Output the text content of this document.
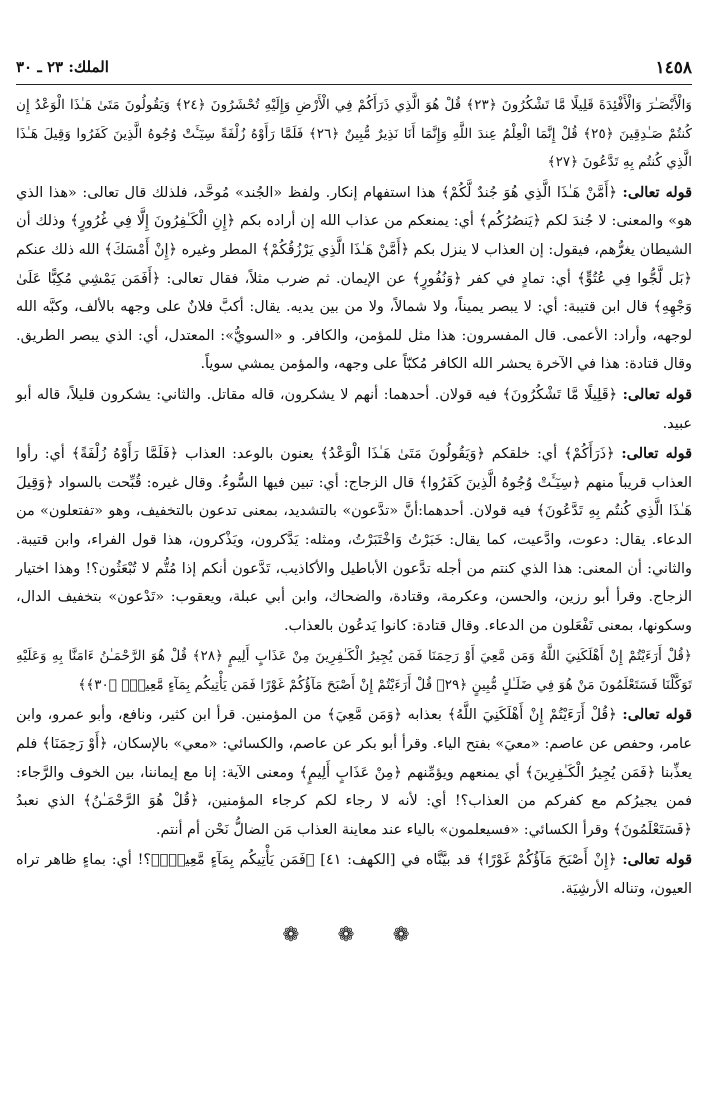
١٤٥٨
الملك: ٢٣ ـ ٣٠

وَالْأَبْصَـٰرَ وَالْأَفْئِدَةَ قَلِيلًا مَّا تَشْكُرُونَ ﴿٢٣﴾ قُلْ هُوَ الَّذِي ذَرَأَكُمْ فِي الْأَرْضِ وَإِلَيْهِ تُحْشَرُونَ ﴿٢٤﴾ وَيَقُولُونَ مَتَىٰ هَـٰذَا الْوَعْدُ إِن كُنتُمْ صَـٰدِقِينَ ﴿٢٥﴾ قُلْ إِنَّمَا الْعِلْمُ عِندَ اللَّهِ وَإِنَّمَا أَنَا نَذِيرٌ مُّبِينٌ ﴿٢٦﴾ فَلَمَّا رَأَوْهُ زُلْفَةً سِيٓـَٔتْ وُجُوهُ الَّذِينَ كَفَرُوا وَقِيلَ هَـٰذَا الَّذِي كُنتُم بِهِ تَدَّعُونَ ﴿٢٧﴾

قوله تعالى: ﴿أَمَّنْ هَـٰذَا الَّذِي هُوَ جُندٌ لَّكُمْ﴾ هذا استفهام إنكار. ولفظ «الجُند» مُوحَّد، فلذلك قال تعالى: «هذا الذي هو» والمعنى: لا جُندَ لكم ﴿يَنصُرُكُم﴾ أي: يمنعكم من عذاب الله إن أراده بكم ﴿إِنِ الْكَـٰفِرُونَ إِلَّا فِي غُرُورٍ﴾ وذلك أن الشيطان يغرُّهم، فيقول: إن العذاب لا ينزل بكم ﴿أَمَّنْ هَـٰذَا الَّذِي يَرْزُقُكُمْ﴾ المطر وغيره ﴿إِنْ أَمْسَكَ﴾ الله ذلك عنكم ﴿بَل لَّجُّوا فِي عُتُوٍّ﴾ أي: تمادٍ في كفر ﴿وَنُفُورٍ﴾ عن الإيمان. ثم ضرب مثلاً، فقال تعالى: ﴿أَفَمَن يَمْشِي مُكِبًّا عَلَىٰ وَجْهِهِ﴾ قال ابن قتيبة: أي: لا يبصر يميناً، ولا شمالاً، ولا من بين يديه. يقال: أكبَّ فلانٌ على وجهه بالألف، وكبَّه الله لوجهه، وأراد: الأعمى. قال المفسرون: هذا مثل للمؤمن، والكافر. و «السويُّ»: المعتدل، أي: الذي يبصر الطريق. وقال قتادة: هذا في الآخرة يحشر الله الكافر مُكبّاً على وجهه، والمؤمن يمشي سوياً.

قوله تعالى: ﴿قَلِيلًا مَّا تَشْكُرُونَ﴾ فيه قولان. أحدهما: أنهم لا يشكرون، قاله مقاتل. والثاني: يشكرون قليلاً، قاله أبو عبيد.

قوله تعالى: ﴿ذَرَأَكُمْ﴾ أي: خلقكم ﴿وَيَقُولُونَ مَتَىٰ هَـٰذَا الْوَعْدُ﴾ يعنون بالوعد: العذاب ﴿فَلَمَّا رَأَوْهُ زُلْفَةً﴾ أي: رأوا العذاب قريباً منهم ﴿سِيٓـَٔتْ وُجُوهُ الَّذِينَ كَفَرُوا﴾ قال الزجاج: أي: تبين فيها السُّوءُ. وقال غيره: قُبِّحت بالسواد ﴿وَقِيلَ هَـٰذَا الَّذِي كُنتُم بِهِ تَدَّعُونَ﴾ فيه قولان. أحدهما:أنَّ «تدَّعون» بالتشديد، بمعنى تدعون بالتخفيف، وهو «تفتعلون» من الدعاء. يقال: دعوت، وادَّعيت، كما يقال: خَبَرْتُ وَاخْتَبَرْتُ، ومثله: يَدَّكرون، ويَذْكرون، هذا قول الفراء، وابن قتيبة. والثاني: أن المعنى: هذا الذي كنتم من أجله تدَّعون الأباطيل والأكاذيب، تَدَّعون أنكم إذا مُتُّم لا تُبْعَثُون؟! وهذا اختيار الزجاج. وقرأ أبو رزين، والحسن، وعكرمة، وقتادة، والضحاك، وابن أبي عبلة، ويعقوب: «تَدْعون» بتخفيف الدال، وسكونها، بمعنى تَفْعَلون من الدعاء. وقال قتادة: كانوا يَدعُون بالعذاب.

﴿قُلْ أَرَءَيْتُمْ إِنْ أَهْلَكَنِيَ اللَّهُ وَمَن مَّعِيَ أَوْ رَحِمَنَا فَمَن يُجِيرُ الْكَـٰفِرِينَ مِنْ عَذَابٍ أَلِيمٍ ﴿٢٨﴾ قُلْ هُوَ الرَّحْمَـٰنُ ءَامَنَّا بِهِ وَعَلَيْهِ تَوَكَّلْنَا فَسَتَعْلَمُونَ مَنْ هُوَ فِي ضَلَـٰلٍ مُّبِينٍ ﴿٢٩﴾ قُلْ أَرَءَيْتُمْ إِنْ أَصْبَحَ مَآؤُكُمْ غَوْرًا فَمَن يَأْتِيكُم بِمَآءٍ مَّعِينٍۭ ﴿٣٠﴾﴾

قوله تعالى: ﴿قُلْ أَرَءَيْتُمْ إِنْ أَهْلَكَنِيَ اللَّهُ﴾ بعذابه ﴿وَمَن مَّعِيَ﴾ من المؤمنين. قرأ ابن كثير، ونافع، وأبو عمرو، وابن عامر، وحفص عن عاصم: «معيَ» بفتح الياء. وقرأ أبو بكر عن عاصم، والكسائي: «معي» بالإسكان، ﴿أَوْ رَحِمَنَا﴾ فلم يعذِّبنا ﴿فَمَن يُجِيرُ الْكَـٰفِرِينَ﴾ أي يمنعهم ويؤمِّنهم ﴿مِنْ عَذَابٍ أَلِيمٍ﴾ ومعنى الآية: إنا مع إيماننا، بين الخوف والرَّجاء: فمن يجيرُكم مع كفركم من العذاب؟! أي: لأنه لا رجاء لكم كرجاء المؤمنين، ﴿قُلْ هُوَ الرَّحْمَـٰنُ﴾ الذي نعبدُ ﴿فَسَتَعْلَمُونَ﴾ وقرأ الكسائي: «فسيعلمون» بالياء عند معاينة العذاب مَن الضالُّ نَحْن أم أنتم.

قوله تعالى: ﴿إِنْ أَصْبَحَ مَآؤُكُمْ غَوْرًا﴾ قد بيَّنَّاه في [الكهف: ٤١] ﴿فَمَن يَأْتِيكُم بِمَآءٍ مَّعِينٍۭ﴾؟! أي: بماءٍ ظاهر تراه العيون، وتناله الأرشِيَة.

❁ ❁ ❁
